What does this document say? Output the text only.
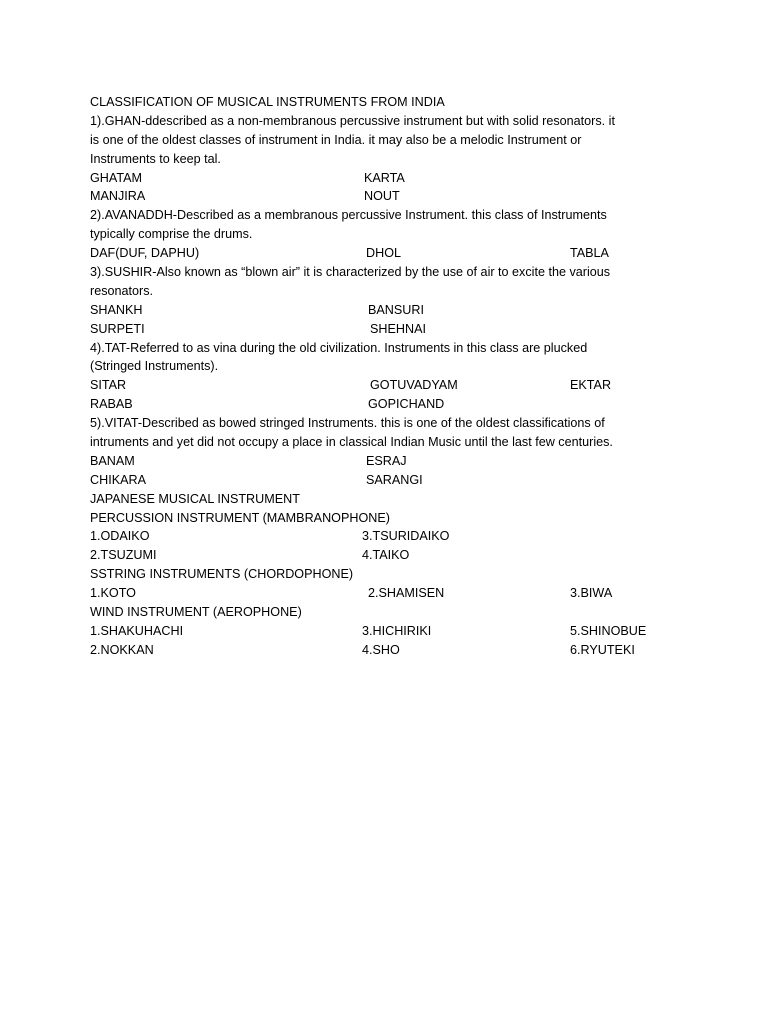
CLASSIFICATION OF MUSICAL INSTRUMENTS FROM INDIA
1).GHAN-ddescribed as a non-membranous percussive instrument but with solid resonators. it
is one of the oldest classes of instrument in India. it may also be a melodic Instrument or
Instruments to keep tal.
GHATAM	KARTA
MANJIRA	NOUT
2).AVANADDH-Described as a membranous percussive Instrument. this class of Instruments
typically comprise the drums.
DAF(DUF, DAPHU)	DHOL	TABLA
3).SUSHIR-Also known as “blown air” it is characterized by the use of air to excite the various
resonators.
SHANKH	BANSURI
SURPETI	SHEHNAI
4).TAT-Referred to as vina during the old civilization. Instruments in this class are plucked
(Stringed Instruments).
SITAR	GOTUVADYAM	EKTAR
RABAB	GOPICHAND
5).VITAT-Described as bowed stringed Instruments. this is one of the oldest classifications of
intruments and yet did not occupy a place in classical Indian Music until the last few centuries.
BANAM	ESRAJ
CHIKARA	SARANGI
JAPANESE MUSICAL INSTRUMENT
PERCUSSION INSTRUMENT (MAMBRANOPHONE)
1.ODAIKO	3.TSURIDAIKO
2.TSUZUMI	4.TAIKO
SSTRING INSTRUMENTS (CHORDOPHONE)
1.KOTO	2.SHAMISEN	3.BIWA
WIND INSTRUMENT (AEROPHONE)
1.SHAKUHACHI	3.HICHIRIKI	5.SHINOBUE
2.NOKKAN	4.SHO	6.RYUTEKI
